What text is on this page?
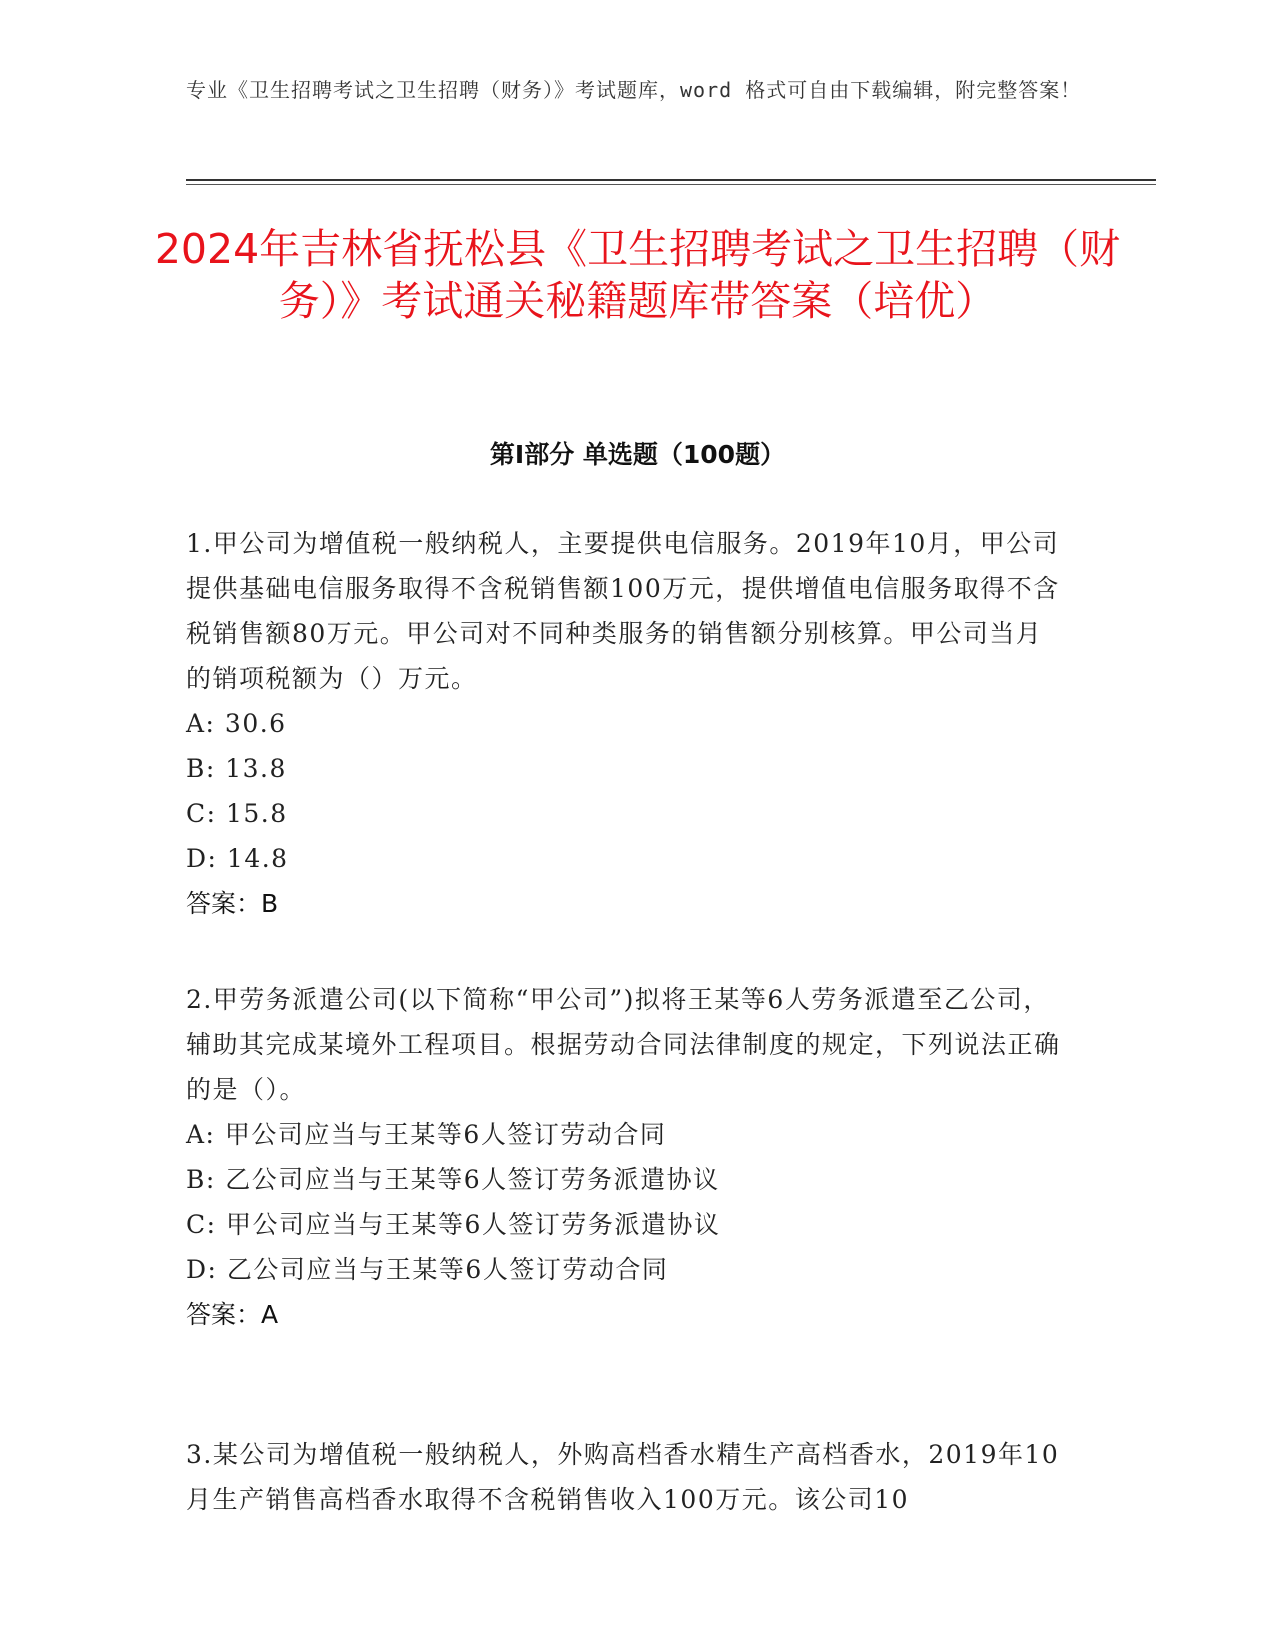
专业《卫生招聘考试之卫生招聘（财务）》考试题库，word 格式可自由下载编辑，附完整答案！
2024年吉林省抚松县《卫生招聘考试之卫生招聘（财务）》考试通关秘籍题库带答案（培优）
第I部分 单选题（100题）

1.甲公司为增值税一般纳税人，主要提供电信服务。2019年10月，甲公司提供基础电信服务取得不含税销售额100万元，提供增值电信服务取得不含税销售额80万元。甲公司对不同种类服务的销售额分别核算。甲公司当月的销项税额为（）万元。

A: 30.6

B: 13.8

C: 15.8

D: 14.8

答案：B

2.甲劳务派遣公司(以下简称“甲公司”)拟将王某等6人劳务派遣至乙公司，辅助其完成某境外工程项目。根据劳动合同法律制度的规定，下列说法正确的是（）。

A: 甲公司应当与王某等6人签订劳动合同

B: 乙公司应当与王某等6人签订劳务派遣协议

C: 甲公司应当与王某等6人签订劳务派遣协议

D: 乙公司应当与王某等6人签订劳动合同

答案：A

3.某公司为增值税一般纳税人，外购高档香水精生产高档香水，2019年10月生产销售高档香水取得不含税销售收入100万元。该公司10
